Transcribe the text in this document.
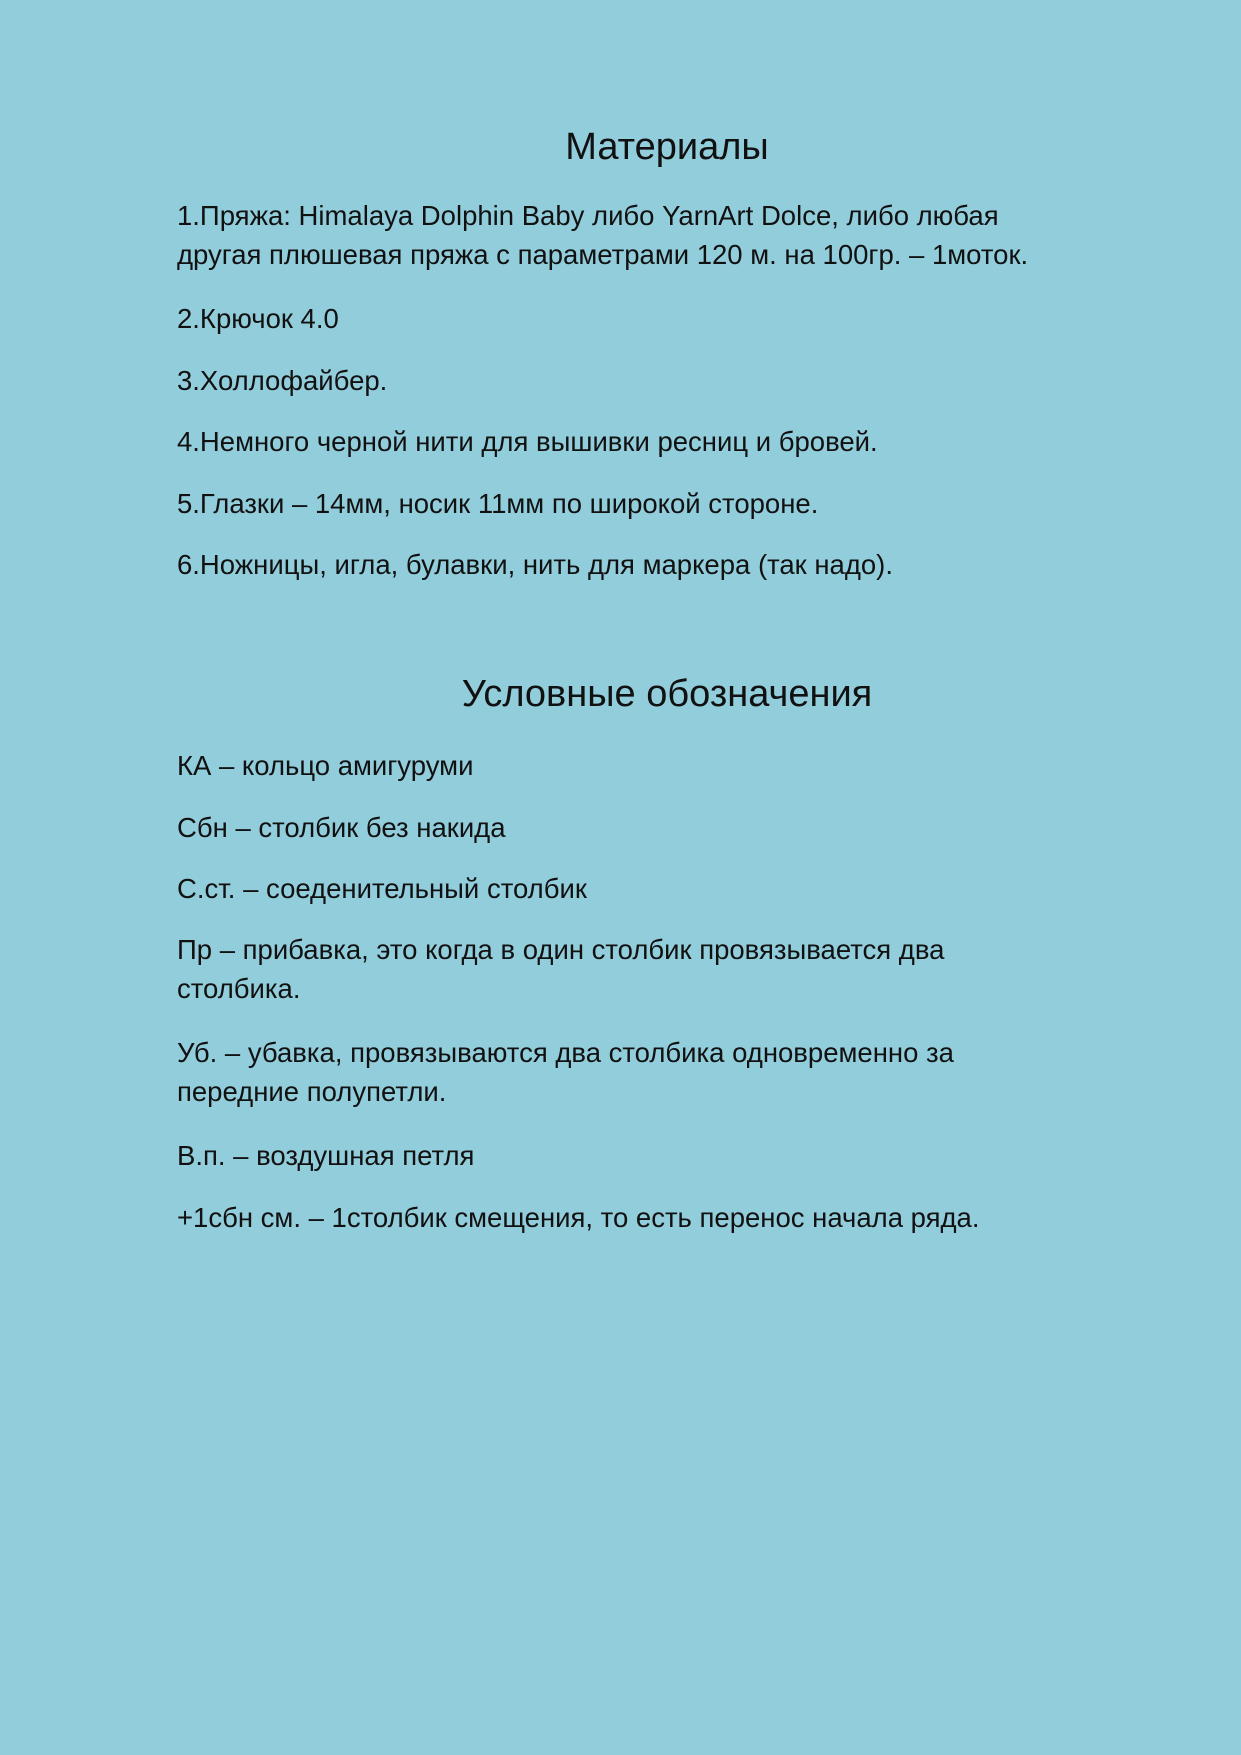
Материалы

1.Пряжа: Himalaya Dolphin Baby либо YarnArt Dolce, либо любая
другая плюшевая пряжа с параметрами 120 м. на 100гр. – 1моток.

2.Крючок 4.0

3.Холлофайбер.

4.Немного черной нити для вышивки ресниц и бровей.

5.Глазки – 14мм, носик 11мм по широкой стороне.

6.Ножницы, игла, булавки, нить для маркера (так надо).

Условные обозначения

КА – кольцо амигуруми

Сбн – столбик без накида

С.ст. – соеденительный столбик

Пр – прибавка, это когда в один столбик провязывается два
столбика.

Уб. – убавка, провязываются два столбика одновременно за
передние полупетли.

В.п. – воздушная петля

+1сбн см. – 1столбик смещения, то есть перенос начала ряда.
